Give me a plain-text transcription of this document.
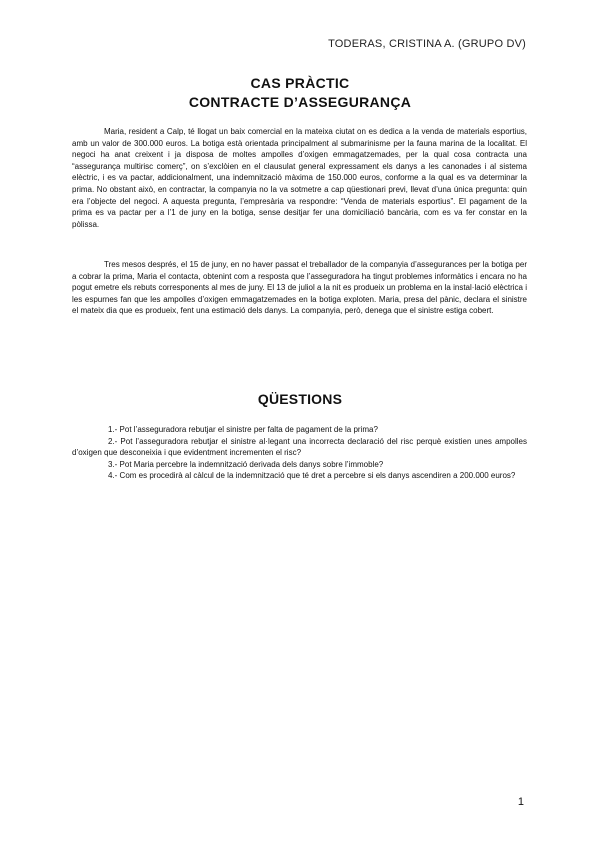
TODERAS, CRISTINA A. (GRUPO DV)
CAS PRÀCTIC
CONTRACTE D’ASSEGURANÇA

Maria, resident a Calp, té llogat un baix comercial en la mateixa ciutat on es dedica a la venda de materials esportius, amb un valor de 300.000 euros. La botiga està orientada principalment al submarinisme per la fauna marina de la localitat. El negoci ha anat creixent i ja disposa de moltes ampolles d’oxigen emmagatzemades, per la qual cosa contracta una “assegurança multirisc comerç”, on s’exclòien en el clausulat general expressament els danys a les canonades i al sistema elèctric, i es va pactar, addicionalment, una indemnització màxima de 150.000 euros, conforme a la qual es va determinar la prima. No obstant això, en contractar, la companyia no la va sotmetre a cap qüestionari previ, llevat d’una única pregunta: quin era l’objecte del negoci. A aquesta pregunta, l’empresària va respondre: “Venda de materials esportius”. El pagament de la prima es va pactar per a l’1 de juny en la botiga, sense desitjar fer una domiciliació bancària, com es va fer constar en la pòlissa.

Tres mesos després, el 15 de juny, en no haver passat el treballador de la companyia d’assegurances per la botiga per a cobrar la prima, Maria el contacta, obtenint com a resposta que l’asseguradora ha tingut problemes informàtics i encara no ha pogut emetre els rebuts corresponents al mes de juny. El 13 de juliol a la nit es produeix un problema en la instal·lació elèctrica i les espurnes fan que les ampolles d’oxigen emmagatzemades en la botiga exploten. Maria, presa del pànic, declara el sinistre el mateix dia que es produeix, fent una estimació dels danys. La companyia, però, denega que el sinistre estiga cobert.

QÜESTIONS
1.- Pot l’asseguradora rebutjar el sinistre per falta de pagament de la prima?
2.- Pot l’asseguradora rebutjar el sinistre al·legant una incorrecta declaració del risc perquè existien unes ampolles d’oxigen que desconeixia i que evidentment incrementen el risc?
3.- Pot Maria percebre la indemnització derivada dels danys sobre l’immoble?
4.- Com es procedirà al càlcul de la indemnització que té dret a percebre si els danys ascendiren a 200.000 euros?
1
